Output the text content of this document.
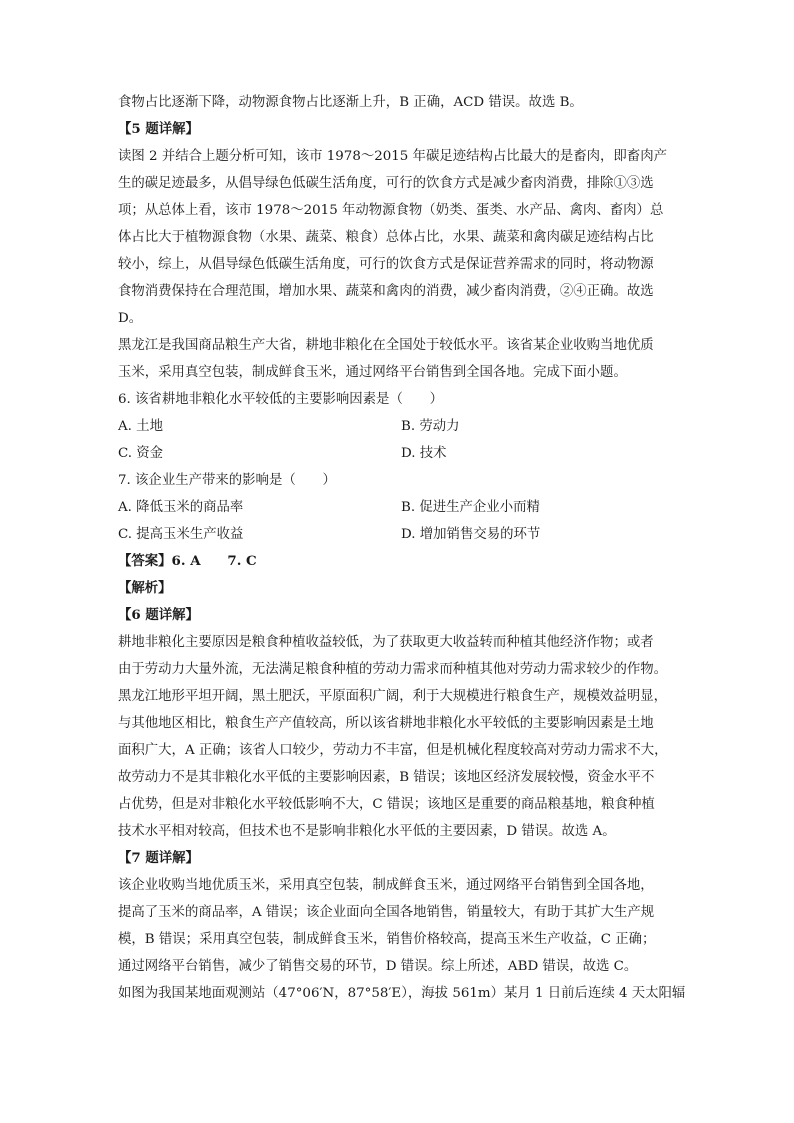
食物占比逐渐下降，动物源食物占比逐渐上升，B 正确，ACD 错误。故选 B。
【5 题详解】
读图 2 并结合上题分析可知，该市 1978～2015 年碳足迹结构占比最大的是畜肉，即畜肉产
生的碳足迹最多，从倡导绿色低碳生活角度，可行的饮食方式是减少畜肉消费，排除①③选
项；从总体上看，该市 1978～2015 年动物源食物（奶类、蛋类、水产品、禽肉、畜肉）总
体占比大于植物源食物（水果、蔬菜、粮食）总体占比，水果、蔬菜和禽肉碳足迹结构占比
较小，综上，从倡导绿色低碳生活角度，可行的饮食方式是保证营养需求的同时，将动物源
食物消费保持在合理范围，增加水果、蔬菜和禽肉的消费，减少畜肉消费，②④正确。故选
D。
黑龙江是我国商品粮生产大省，耕地非粮化在全国处于较低水平。该省某企业收购当地优质
玉米，采用真空包装，制成鲜食玉米，通过网络平台销售到全国各地。完成下面小题。
6. 该省耕地非粮化水平较低的主要影响因素是（　　）
A. 土地	B. 劳动力
C. 资金	D. 技术
7. 该企业生产带来的影响是（　　）
A. 降低玉米的商品率	B. 促进生产企业小而精
C. 提高玉米生产收益	D. 增加销售交易的环节
【答案】6. A　　7. C
【解析】
【6 题详解】
耕地非粮化主要原因是粮食种植收益较低，为了获取更大收益转而种植其他经济作物；或者
由于劳动力大量外流，无法满足粮食种植的劳动力需求而种植其他对劳动力需求较少的作物。
黑龙江地形平坦开阔，黑土肥沃，平原面积广阔，利于大规模进行粮食生产，规模效益明显，
与其他地区相比，粮食生产产值较高，所以该省耕地非粮化水平较低的主要影响因素是土地
面积广大，A 正确；该省人口较少，劳动力不丰富，但是机械化程度较高对劳动力需求不大，
故劳动力不是其非粮化水平低的主要影响因素，B 错误；该地区经济发展较慢，资金水平不
占优势，但是对非粮化水平较低影响不大，C 错误；该地区是重要的商品粮基地，粮食种植
技术水平相对较高，但技术也不是影响非粮化水平低的主要因素，D 错误。故选 A。
【7 题详解】
该企业收购当地优质玉米，采用真空包装，制成鲜食玉米，通过网络平台销售到全国各地，
提高了玉米的商品率，A 错误；该企业面向全国各地销售，销量较大，有助于其扩大生产规
模，B 错误；采用真空包装，制成鲜食玉米，销售价格较高，提高玉米生产收益，C 正确；
通过网络平台销售，减少了销售交易的环节，D 错误。综上所述，ABD 错误，故选 C。
如图为我国某地面观测站（47°06′N，87°58′E），海拔 561m）某月 1 日前后连续 4 天太阳辐
